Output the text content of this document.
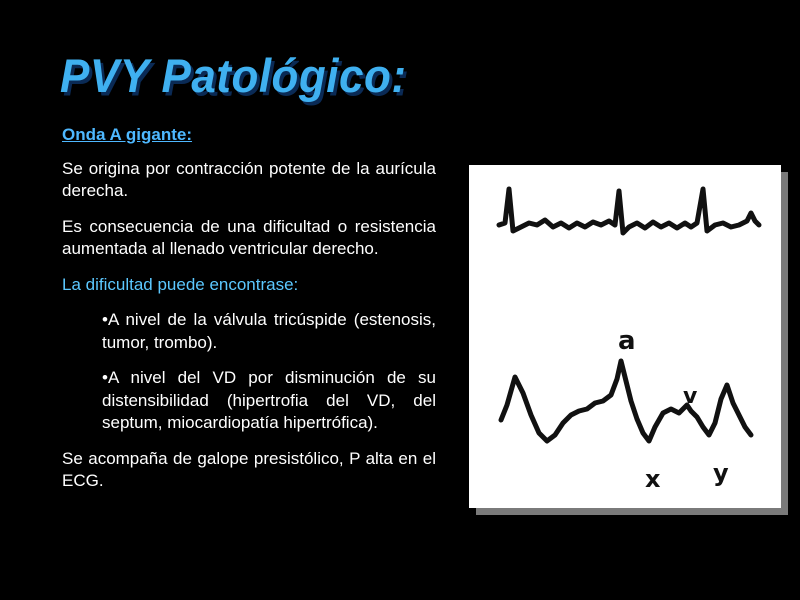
PVY Patológico:

Onda A gigante:

Se origina por contracción potente de la aurícula derecha.

Es consecuencia de una dificultad o resistencia aumentada al llenado ventricular derecho.

La dificultad puede encontrase:

•A nivel de la válvula tricúspide (estenosis, tumor, trombo).

•A nivel del VD por disminución de su distensibilidad (hipertrofia del VD, del septum, miocardiopatía hipertrófica).

Se acompaña de galope presistólico, P alta en el ECG.

a
v
x y
